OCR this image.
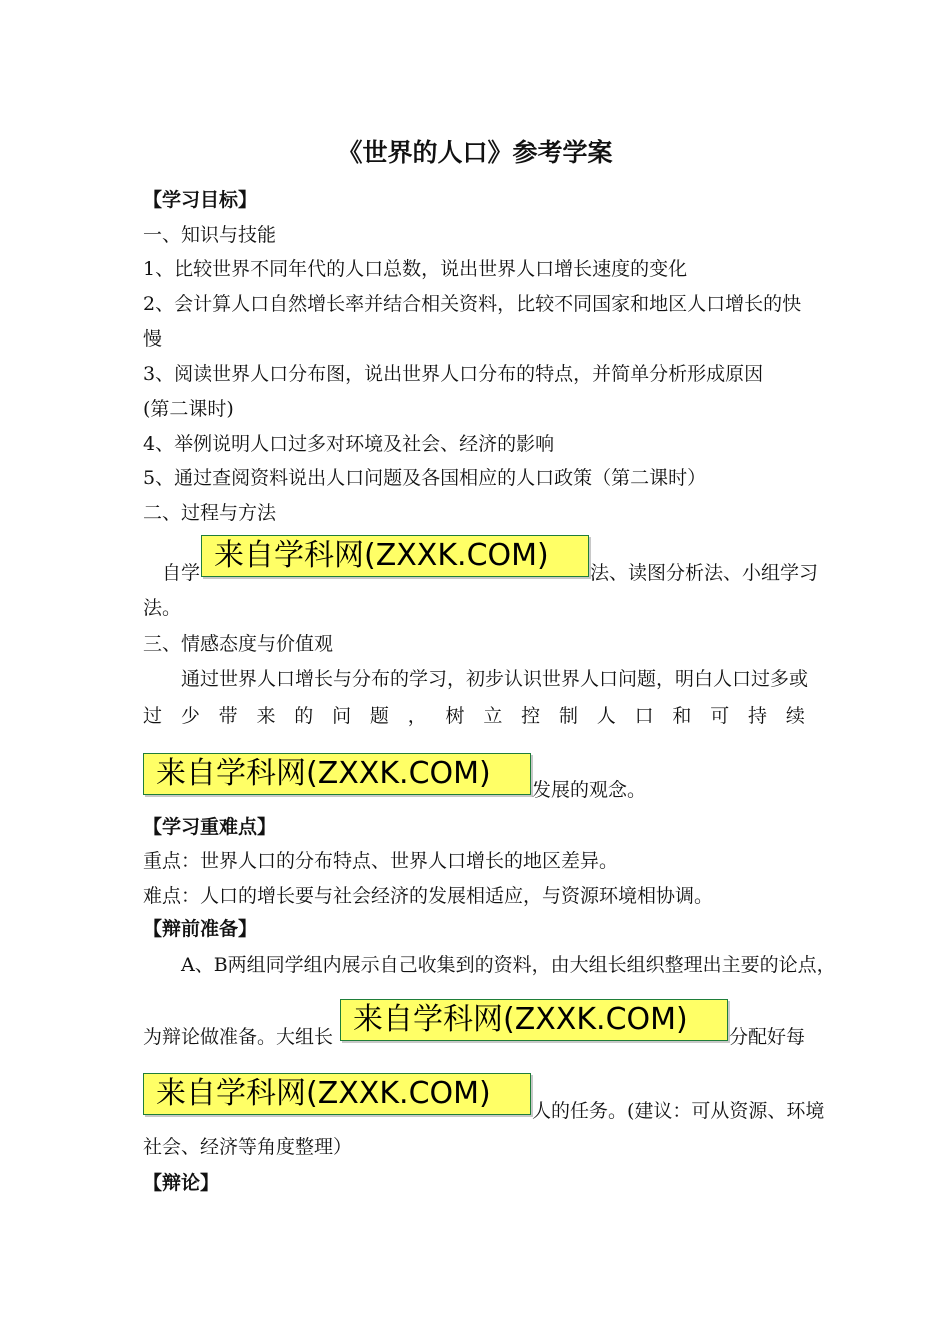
《世界的人口》参考学案
【学习目标】
一、知识与技能
1、比较世界不同年代的人口总数，说出世界人口增长速度的变化
2、会计算人口自然增长率并结合相关资料，比较不同国家和地区人口增长的快
慢
3、阅读世界人口分布图，说出世界人口分布的特点，并简单分析形成原因
(第二课时)
4、举例说明人口过多对环境及社会、经济的影响
5、通过查阅资料说出人口问题及各国相应的人口政策（第二课时）
二、过程与方法
自学 来自学科网(ZXXK.COM)	法、读图分析法、小组学习
法。
三、情感态度与价值观
通过世界人口增长与分布的学习，初步认识世界人口问题，明白人口过多或
过 少 带 来 的 问 题 ， 树 立 控 制 人 口 和 可 持 续
来自学科网(ZXXK.COM)	发展的观念。
【学习重难点】
重点：世界人口的分布特点、世界人口增长的地区差异。
难点：人口的增长要与社会经济的发展相适应，与资源环境相协调。
【辩前准备】
A、B两组同学组内展示自己收集到的资料，由大组长组织整理出主要的论点，
为辩论做准备。大组长 来自学科网(ZXXK.COM)	分配好每
来自学科网(ZXXK.COM)	人的任务。(建议：可从资源、环境
社会、经济等角度整理）
【辩论】
